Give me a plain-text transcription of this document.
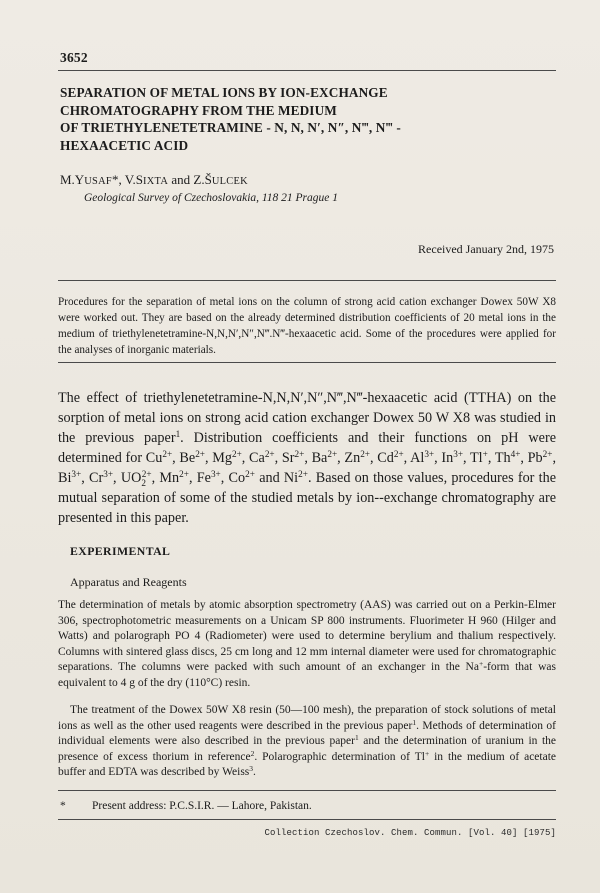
3652
SEPARATION OF METAL IONS BY ION-EXCHANGE
CHROMATOGRAPHY FROM THE MEDIUM
OF TRIETHYLENETETRAMINE - N, N, N′, N″, N‴, N‴ -
HEXAACETIC ACID
M.YUSAF*, V.SIXTA and Z.ŠULCEK
Geological Survey of Czechoslovakia, 118 21 Prague 1
Received January 2nd, 1975
Procedures for the separation of metal ions on the column of strong acid cation exchanger Dowex 50W X8 were worked out. They are based on the already determined distribution coefficients of 20 metal ions in the medium of triethylenetetramine-N,N,N′,N″,N‴.N‴-hexaacetic acid. Some of the procedures were applied for the analyses of inorganic materials.
The effect of triethylenetetramine-N,N,N′,N″,N‴,N‴-hexaacetic acid (TTHA) on the sorption of metal ions on strong acid cation exchanger Dowex 50 W X8 was studied in the previous paper$^1$. Distribution coefficients and their functions on pH were determined for $Cu^{2+}$, $Be^{2+}$, $Mg^{2+}$, $Ca^{2+}$, $Sr^{2+}$, $Ba^{2+}$, $Zn^{2+}$, $Cd^{2+}$, $Al^{3+}$, $In^{3+}$, Tl+, $Th^{4+}$, $Pb^{2+}$, $Bi^{3+}$, $Cr^{3+}$, $UO_2^{2+}$, $Mn^{2+}$, $Fe^{3+}$, $Co^{2+}$ and $Ni^{2+}$. Based on those values, procedures for the mutual separation of some of the studied metals by ion--exchange chromatography are presented in this paper.
EXPERIMENTAL
Apparatus and Reagents
The determination of metals by atomic absorption spectrometry (AAS) was carried out on a Perkin-Elmer 306, spectrophotometric measurements on a Unicam SP 800 instruments. Fluorimeter H 960 (Hilger and Watts) and polarograph PO 4 (Radiometer) were used to determine berylium and thalium respectively. Columns with sintered glass discs, 25 cm long and 12 mm internal diameter were used for chromatographic separations. The columns were packed with such amount of an exchanger in the Na+-form that was equivalent to 4 g of the dry (110°C) resin.
The treatment of the Dowex 50W X8 resin (50—100 mesh), the preparation of stock solutions of metal ions as well as the other used reagents were described in the previous paper$^1$. Methods of determination of individual elements were also described in the previous paper$^1$ and the determination of uranium in the presence of excess thorium in reference$^2$. Polarographic determination of Tl+ in the medium of acetate buffer and EDTA was described by Weiss$^3$.
* Present address: P.C.S.I.R. — Lahore, Pakistan.
Collection Czechoslov. Chem. Commun. [Vol. 40] [1975]
